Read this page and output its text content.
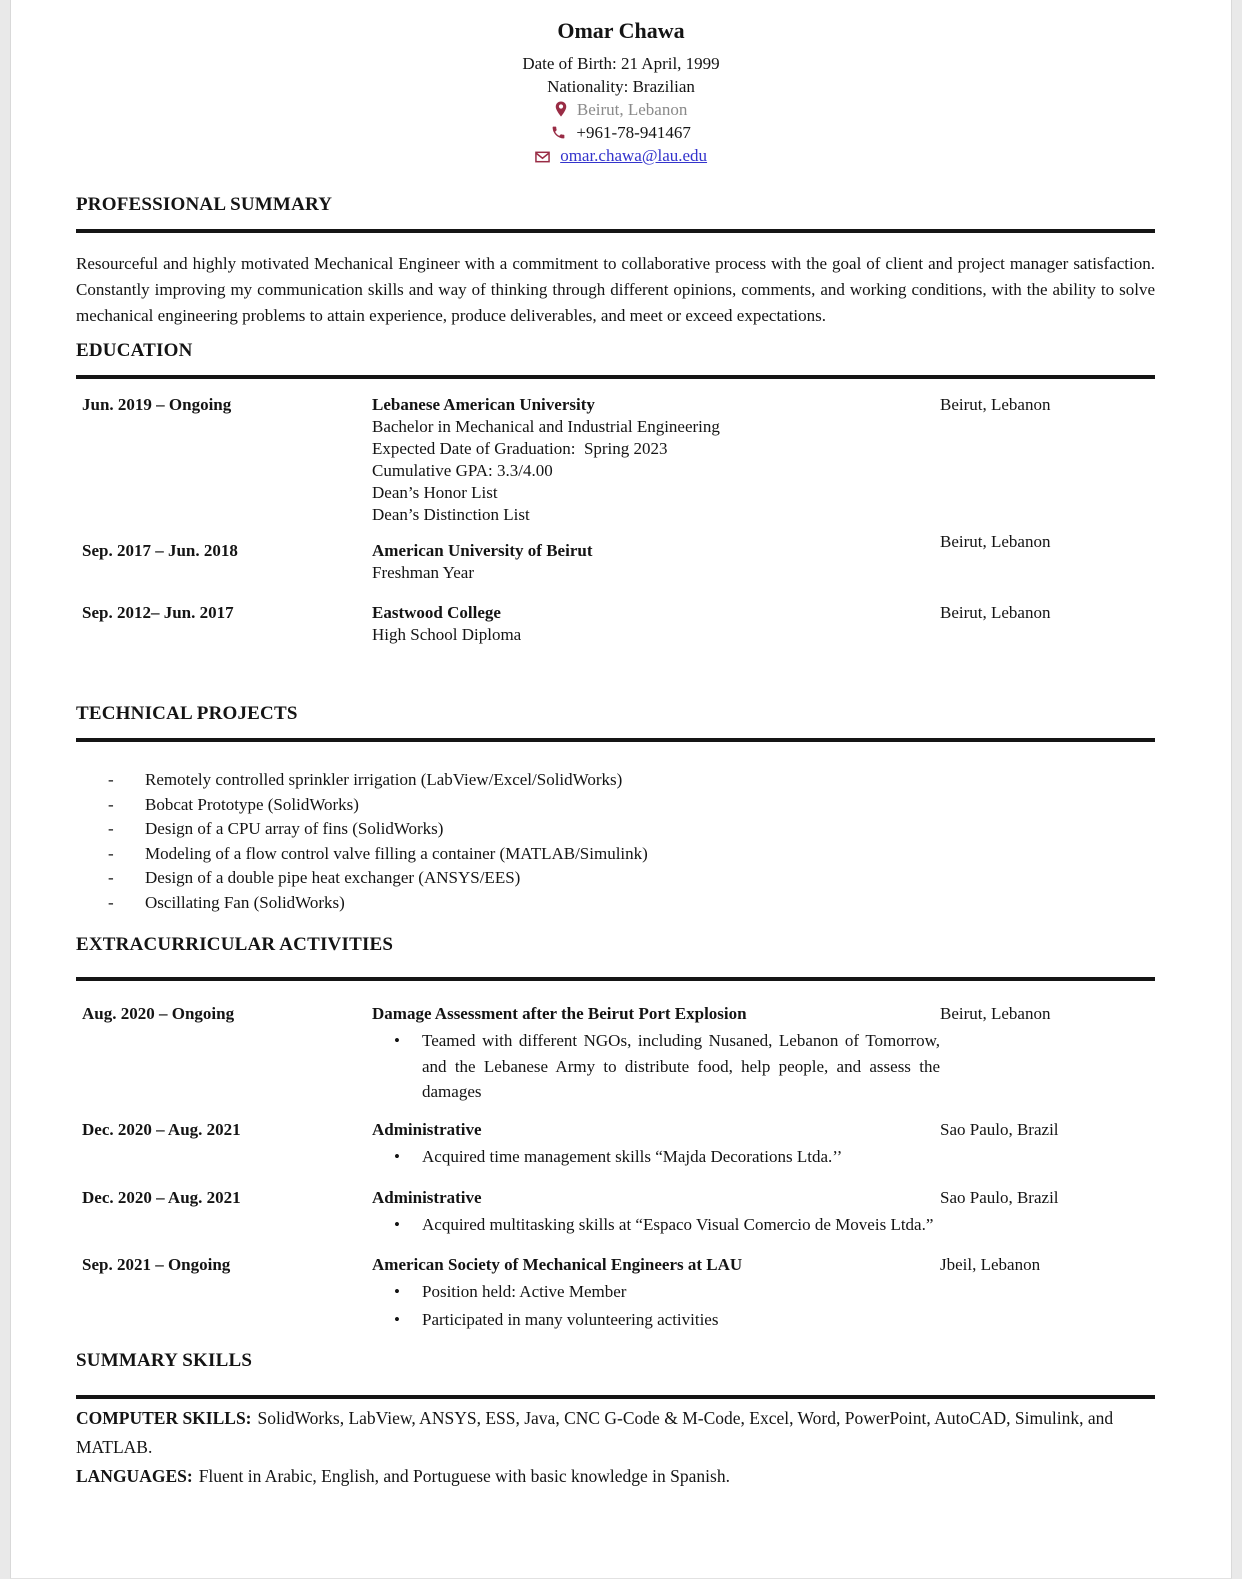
Omar Chawa
Date of Birth: 21 April, 1999
Nationality: Brazilian
Beirut, Lebanon
+961-78-941467
omar.chawa@lau.edu
PROFESSIONAL SUMMARY

Resourceful and highly motivated Mechanical Engineer with a commitment to collaborative process with the goal of client and project manager satisfaction. Constantly improving my communication skills and way of thinking through different opinions, comments, and working conditions, with the ability to solve mechanical engineering problems to attain experience, produce deliverables, and meet or exceed expectations.

EDUCATION
Jun. 2019 – Ongoing	Lebanese American University
Bachelor in Mechanical and Industrial Engineering
Expected Date of Graduation:  Spring 2023
Cumulative GPA: 3.3/4.00
Dean’s Honor List
Dean’s Distinction List
Beirut, Lebanon
Sep. 2017 – Jun. 2018	American University of Beirut
Freshman Year
Beirut, Lebanon
Sep. 2012– Jun. 2017	Eastwood College
High School Diploma
Beirut, Lebanon
TECHNICAL PROJECTS
-	Remotely controlled sprinkler irrigation (LabView/Excel/SolidWorks)
-	Bobcat Prototype (SolidWorks)
-	Design of a CPU array of fins (SolidWorks)
-	Modeling of a flow control valve filling a container (MATLAB/Simulink)
-	Design of a double pipe heat exchanger (ANSYS/EES)
-	Oscillating Fan (SolidWorks)
EXTRACURRICULAR ACTIVITIES
Aug. 2020 – Ongoing	Damage Assessment after the Beirut Port Explosion
•	Teamed with different NGOs, including Nusaned, Lebanon of Tomorrow, and the Lebanese Army to distribute food, help people, and assess the damages
Beirut, Lebanon
Dec. 2020 – Aug. 2021	Administrative
•	Acquired time management skills “Majda Decorations Ltda.’’
Sao Paulo, Brazil
Dec. 2020 – Aug. 2021	Administrative
•	Acquired multitasking skills at “Espaco Visual Comercio de Moveis Ltda.”
Sao Paulo, Brazil
Sep. 2021 – Ongoing	American Society of Mechanical Engineers at LAU
•	Position held: Active Member
•	Participated in many volunteering activities
Jbeil, Lebanon
SUMMARY SKILLS

COMPUTER SKILLS: SolidWorks, LabView, ANSYS, ESS, Java, CNC G-Code & M-Code, Excel, Word, PowerPoint, AutoCAD, Simulink, and MATLAB.

LANGUAGES: Fluent in Arabic, English, and Portuguese with basic knowledge in Spanish.
